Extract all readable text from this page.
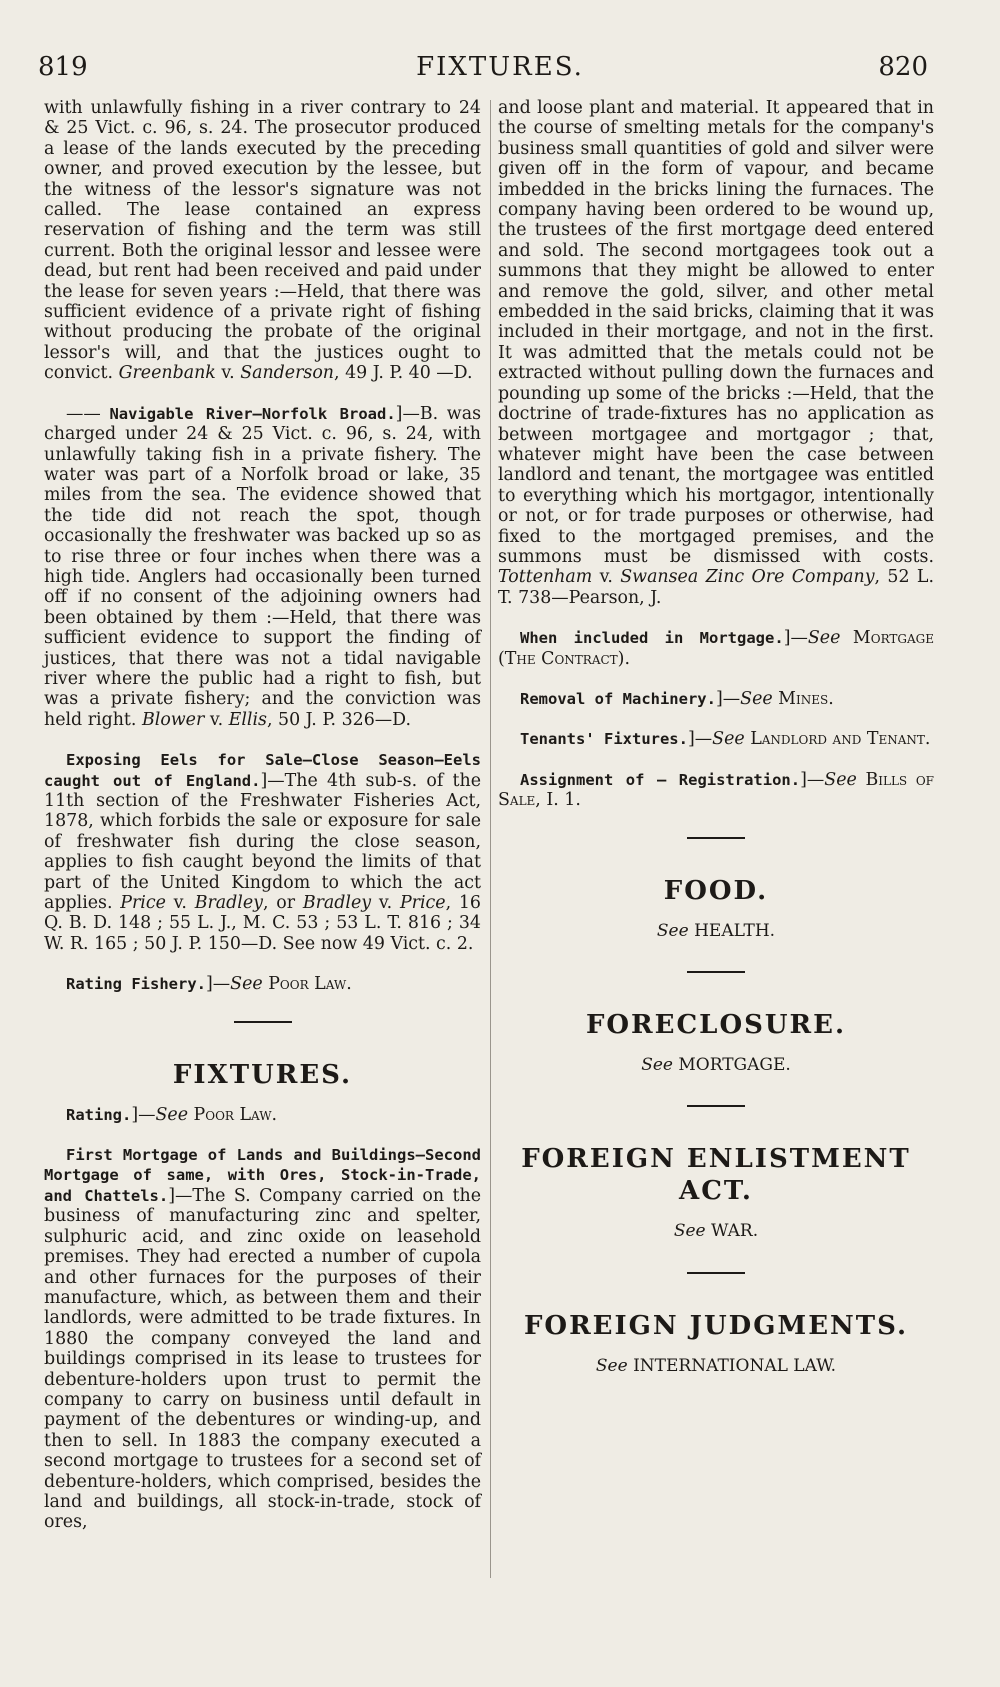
819	FIXTURES.	820

with unlawfully fishing in a river contrary to 24 & 25 Vict. c. 96, s. 24. The prosecutor produced a lease of the lands executed by the preceding owner, and proved execution by the lessee, but the witness of the lessor's signature was not called. The lease contained an express reservation of fishing and the term was still current. Both the original lessor and lessee were dead, but rent had been received and paid under the lease for seven years :—Held, that there was sufficient evidence of a private right of fishing without producing the probate of the original lessor's will, and that the justices ought to convict. Greenbank v. Sanderson, 49 J. P. 40 —D.

—— Navigable River—Norfolk Broad.]—B. was charged under 24 & 25 Vict. c. 96, s. 24, with unlawfully taking fish in a private fishery. The water was part of a Norfolk broad or lake, 35 miles from the sea. The evidence showed that the tide did not reach the spot, though occasionally the freshwater was backed up so as to rise three or four inches when there was a high tide. Anglers had occasionally been turned off if no consent of the adjoining owners had been obtained by them :—Held, that there was sufficient evidence to support the finding of justices, that there was not a tidal navigable river where the public had a right to fish, but was a private fishery; and the conviction was held right. Blower v. Ellis, 50 J. P. 326—D.

Exposing Eels for Sale—Close Season—Eels caught out of England.]—The 4th sub-s. of the 11th section of the Freshwater Fisheries Act, 1878, which forbids the sale or exposure for sale of freshwater fish during the close season, applies to fish caught beyond the limits of that part of the United Kingdom to which the act applies. Price v. Bradley, or Bradley v. Price, 16 Q. B. D. 148 ; 55 L. J., M. C. 53 ; 53 L. T. 816 ; 34 W. R. 165 ; 50 J. P. 150—D. See now 49 Vict. c. 2.

Rating Fishery.]—See Poor Law.

FIXTURES.

Rating.]—See Poor Law.

First Mortgage of Lands and Buildings—Second Mortgage of same, with Ores, Stock-in-Trade, and Chattels.]—The S. Company carried on the business of manufacturing zinc and spelter, sulphuric acid, and zinc oxide on leasehold premises. They had erected a number of cupola and other furnaces for the purposes of their manufacture, which, as between them and their landlords, were admitted to be trade fixtures. In 1880 the company conveyed the land and buildings comprised in its lease to trustees for debenture-holders upon trust to permit the company to carry on business until default in payment of the debentures or winding-up, and then to sell. In 1883 the company executed a second mortgage to trustees for a second set of debenture-holders, which comprised, besides the land and buildings, all stock-in-trade, stock of ores,

and loose plant and material. It appeared that in the course of smelting metals for the company's business small quantities of gold and silver were given off in the form of vapour, and became imbedded in the bricks lining the furnaces. The company having been ordered to be wound up, the trustees of the first mortgage deed entered and sold. The second mortgagees took out a summons that they might be allowed to enter and remove the gold, silver, and other metal embedded in the said bricks, claiming that it was included in their mortgage, and not in the first. It was admitted that the metals could not be extracted without pulling down the furnaces and pounding up some of the bricks :—Held, that the doctrine of trade-fixtures has no application as between mortgagee and mortgagor ; that, whatever might have been the case between landlord and tenant, the mortgagee was entitled to everything which his mortgagor, intentionally or not, or for trade purposes or otherwise, had fixed to the mortgaged premises, and the summons must be dismissed with costs. Tottenham v. Swansea Zinc Ore Company, 52 L. T. 738—Pearson, J.

When included in Mortgage.]—See Mortgage (The Contract).

Removal of Machinery.]—See Mines.

Tenants' Fixtures.]—See Landlord and Tenant.

Assignment of — Registration.]—See Bills of Sale, I. 1.

FOOD.
See HEALTH.
FORECLOSURE.
See MORTGAGE.
FOREIGN ENLISTMENT ACT.
See WAR.
FOREIGN JUDGMENTS.
See INTERNATIONAL LAW.
